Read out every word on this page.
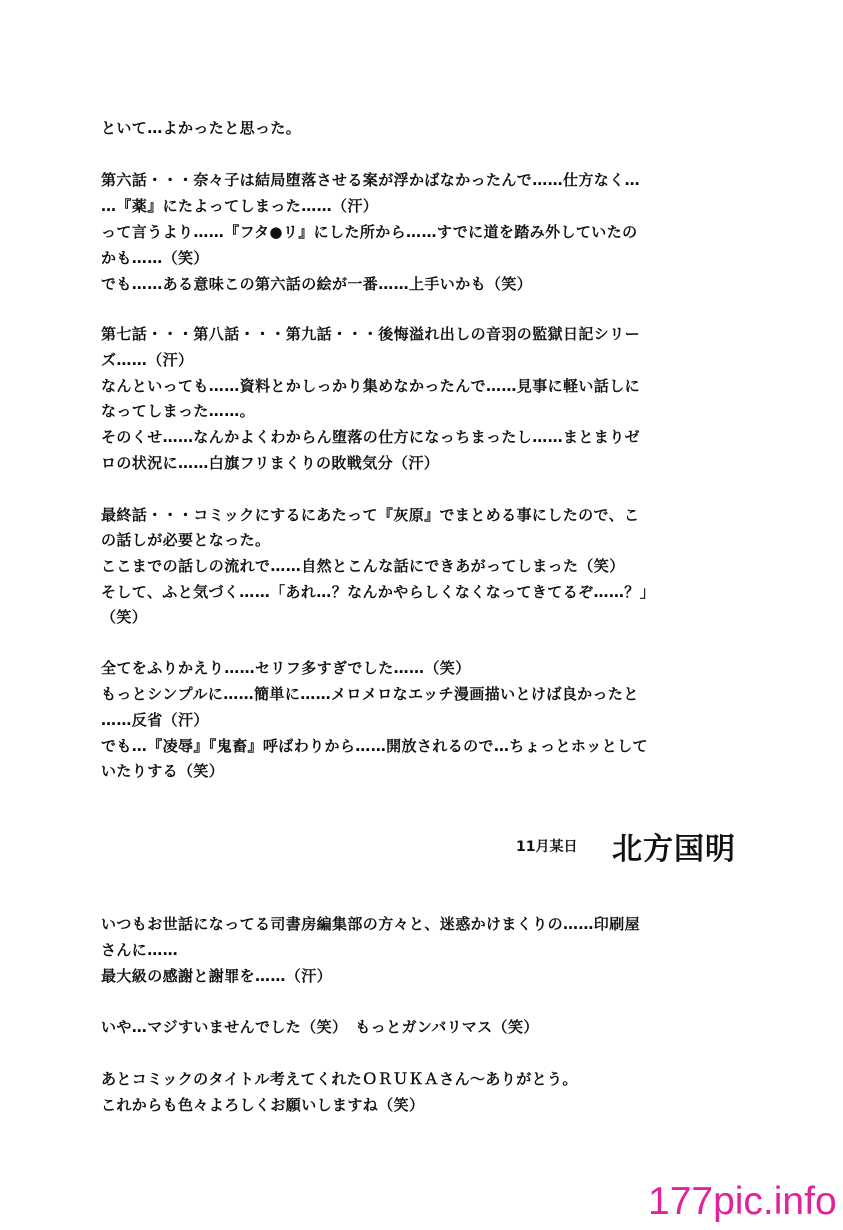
といて…よかったと思った。
第六話・・・奈々子は結局堕落させる案が浮かばなかったんで……仕方なく…
…『薬』にたよってしまった……（汗）
って言うより……『フタ●リ』にした所から……すでに道を踏み外していたの
かも……（笑）
でも……ある意味この第六話の絵が一番……上手いかも（笑）
第七話・・・第八話・・・第九話・・・後悔溢れ出しの音羽の監獄日記シリー
ズ……（汗）
なんといっても……資料とかしっかり集めなかったんで……見事に軽い話しに
なってしまった……。
そのくせ……なんかよくわからん堕落の仕方になっちまったし……まとまりゼ
ロの状況に……白旗フリまくりの敗戦気分（汗）
最終話・・・コミックにするにあたって『灰原』でまとめる事にしたので、こ
の話しが必要となった。
ここまでの話しの流れで……自然とこんな話にできあがってしまった（笑）
そして、ふと気づく……「あれ…？なんかやらしくなくなってきてるぞ……？」
（笑）
全てをふりかえり……セリフ多すぎでした……（笑）
もっとシンプルに……簡単に……メロメロなエッチ漫画描いとけば良かったと
……反省（汗）
でも…『凌辱』『鬼畜』呼ばわりから……開放されるので…ちょっとホッとして
いたりする（笑）
11月某日 北方国明
いつもお世話になってる司書房編集部の方々と、迷惑かけまくりの……印刷屋
さんに……
最大級の感謝と謝罪を……（汗）
いや…マジすいませんでした（笑）　もっとガンバリマス（笑）
あとコミックのタイトル考えてくれたＯＲＵＫＡさん～ありがとう。
これからも色々よろしくお願いしますね（笑）
177pic.info
